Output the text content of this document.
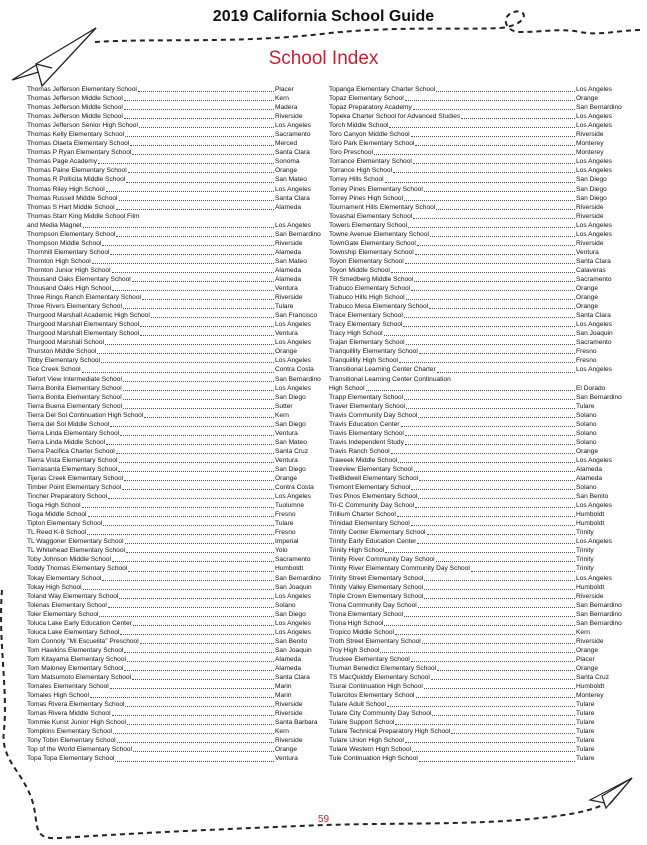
2019 California School Guide
School Index
Thomas Jefferson Elementary School	Placer
Thomas Jefferson Middle School	Kern
Thomas Jefferson Middle School	Madera
Thomas Jefferson Middle School	Riverside
Thomas Jefferson Senior High School	Los Angeles
Thomas Kelly Elementary School	Sacramento
Thomas Olaeta Elementary School	Merced
Thomas P Ryan Elementary School	Santa Clara
Thomas Page Academy	Sonoma
Thomas Paine Elementary School	Orange
Thomas R Pollicita Middle School	San Mateo
Thomas Riley High School	Los Angeles
Thomas Russell Middle School	Santa Clara
Thomas S Hart Middle School	Alameda
Thomas Starr King Middle School Film
and Media Magnet	Los Angeles
Thompson Elementary School	San Bernardino
Thompson Middle School	Riverside
Thornhill Elementary School	Alameda
Thornton High School	San Mateo
Thornton Junior High School	Alameda
Thousand Oaks Elementary School	Alameda
Thousand Oaks High School	Ventura
Three Rings Ranch Elementary School	Riverside
Three Rivers Elementary School	Tulare
Thurgood Marshall Academic High School	San Francisco
Thurgood Marshall Elementary School	Los Angeles
Thurgood Marshall Elementary School	Ventura
Thurgood Marshall School	Los Angeles
Thurston Middle School	Orange
Tibby Elementary School	Los Angeles
Tice Creek School	Contra Costa
Tiefort View Intermediate School	San Bernardino
Tierra Bonita Elementary School	Los Angeles
Tierra Bonita Elementary School	San Diego
Tierra Buena Elementary School	Sutter
Tierra Del Sol Continuation High School	Kern
Tierra del Sol Middle School	San Diego
Tierra Linda Elementary School	Ventura
Tierra Linda Middle School	San Mateo
Tierra Pacifica Charter School	Santa Cruz
Tierra Vista Elementary School	Ventura
Tierrasanta Elementary School	San Diego
Tijeras Creek Elementary School	Orange
Timber Point Elementary School	Contra Costa
Tincher Preparatory School	Los Angeles
Tioga High School	Tuolumne
Tioga Middle School	Fresno
Tipton Elementary School	Tulare
TL Reed K-8 School	Fresno
TL Waggoner Elementary School	Imperial
TL Whitehead Elementary School	Yolo
Toby Johnson Middle School	Sacramento
Toddy Thomas Elementary School	Humboldt
Tokay Elementary School	San Bernardino
Tokay High School	San Joaquin
Toland Way Elementary School	Los Angeles
Tolenas Elementary School	Solano
Toler Elementary School	San Diego
Toluca Lake Early Education Center	Los Angeles
Toluca Lake Elementary School	Los Angeles
Tom Connoly "Mi Escuelita" Preschool	San Benito
Tom Hawkins Elementary School	San Joaquin
Tom Kitayama Elementary School	Alameda
Tom Maloney Elementary School	Alameda
Tom Matsumoto Elementary School	Santa Clara
Tomales Elementary School	Marin
Tomales High School	Marin
Tomas Rivera Elementary School	Riverside
Tomas Rivera Middle School	Riverside
Tommie Kunst Junior High School	Santa Barbara
Tompkins Elementary School	Kern
Tony Tobin Elementary School	Riverside
Top of the World Elementary School	Orange
Topa Topa Elementary School	Ventura
Topanga Elementary Charter School	Los Angeles
Topaz Elementary School	Orange
Topaz Preparatory Academy	San Bernardino
Topeka Charter School for Advanced Studies	Los Angeles
Torch Middle School	Los Angeles
Toro Canyon Middle School	Riverside
Toro Park Elementary School	Monterey
Toro Preschool	Monterey
Torrance Elementary School	Los Angeles
Torrance High School	Los Angeles
Torrey Hills School	San Diego
Torrey Pines Elementary School	San Diego
Torrey Pines High School	San Diego
Tournament Hills Elementary School	Riverside
Tovashal Elementary School	Riverside
Towers Elementary School	Los Angeles
Towne Avenue Elementary School	Los Angeles
TownGate Elementary School	Riverside
Township Elementary School	Ventura
Toyon Elementary School	Santa Clara
Toyon Middle School	Calaveras
TR Smedberg Middle School	Sacramento
Trabuco Elementary School	Orange
Trabuco Hills High School	Orange
Trabuco Mesa Elementary School	Orange
Trace Elementary School	Santa Clara
Tracy Elementary School	Los Angeles
Tracy High School	San Joaquin
Trajan Elementary School	Sacramento
Tranquillity Elementary School	Fresno
Tranquillity High School	Fresno
Transitional Learning Center Charter	Los Angeles
Transitional Learning Center Continuation
High School	El Dorado
Trapp Elementary School	San Bernardino
Traver Elementary School	Tulare
Travis Community Day School	Solano
Travis Education Center	Solano
Travis Elementary School	Solano
Travis Independent Study	Solano
Travis Ranch School	Orange
Traweek Middle School	Los Angeles
Treeview Elementary School	Alameda
TrelBidwell Elementary School	Alameda
Tremont Elementary School	Solano
Tres Pinos Elementary School	San Benito
Tri-C Community Day School	Los Angeles
Trillium Charter School	Humboldt
Trinidad Elementary School	Humboldt
Trinity Center Elementary School	Trinity
Trinity Early Education Center	Los Angeles
Trinity High School	Trinity
Trinity River Community Day School	Trinity
Trinity River Elementary Community Day School	Trinity
Trinity Street Elementary School	Los Angeles
Trinity Valley Elementary School	Humboldt
Triple Crown Elementary School	Riverside
Trona Community Day School	San Bernardino
Trona Elementary School	San Bernardino
Trona High School	San Bernardino
Tropico Middle School	Kern
Troth Street Elementary School	Riverside
Troy High School	Orange
Truckee Elementary School	Placer
Truman Benedict Elementary School	Orange
TS MacQuiddy Elementary School	Santa Cruz
Tsurai Continuation High School	Humboldt
Tularcitos Elementary School	Monterey
Tulare Adult School	Tulare
Tulare City Community Day School	Tulare
Tulare Support School	Tulare
Tulare Technical Preparatory High School	Tulare
Tulare Union High School	Tulare
Tulare Western High School	Tulare
Tule Continuation High School	Tulare
59
